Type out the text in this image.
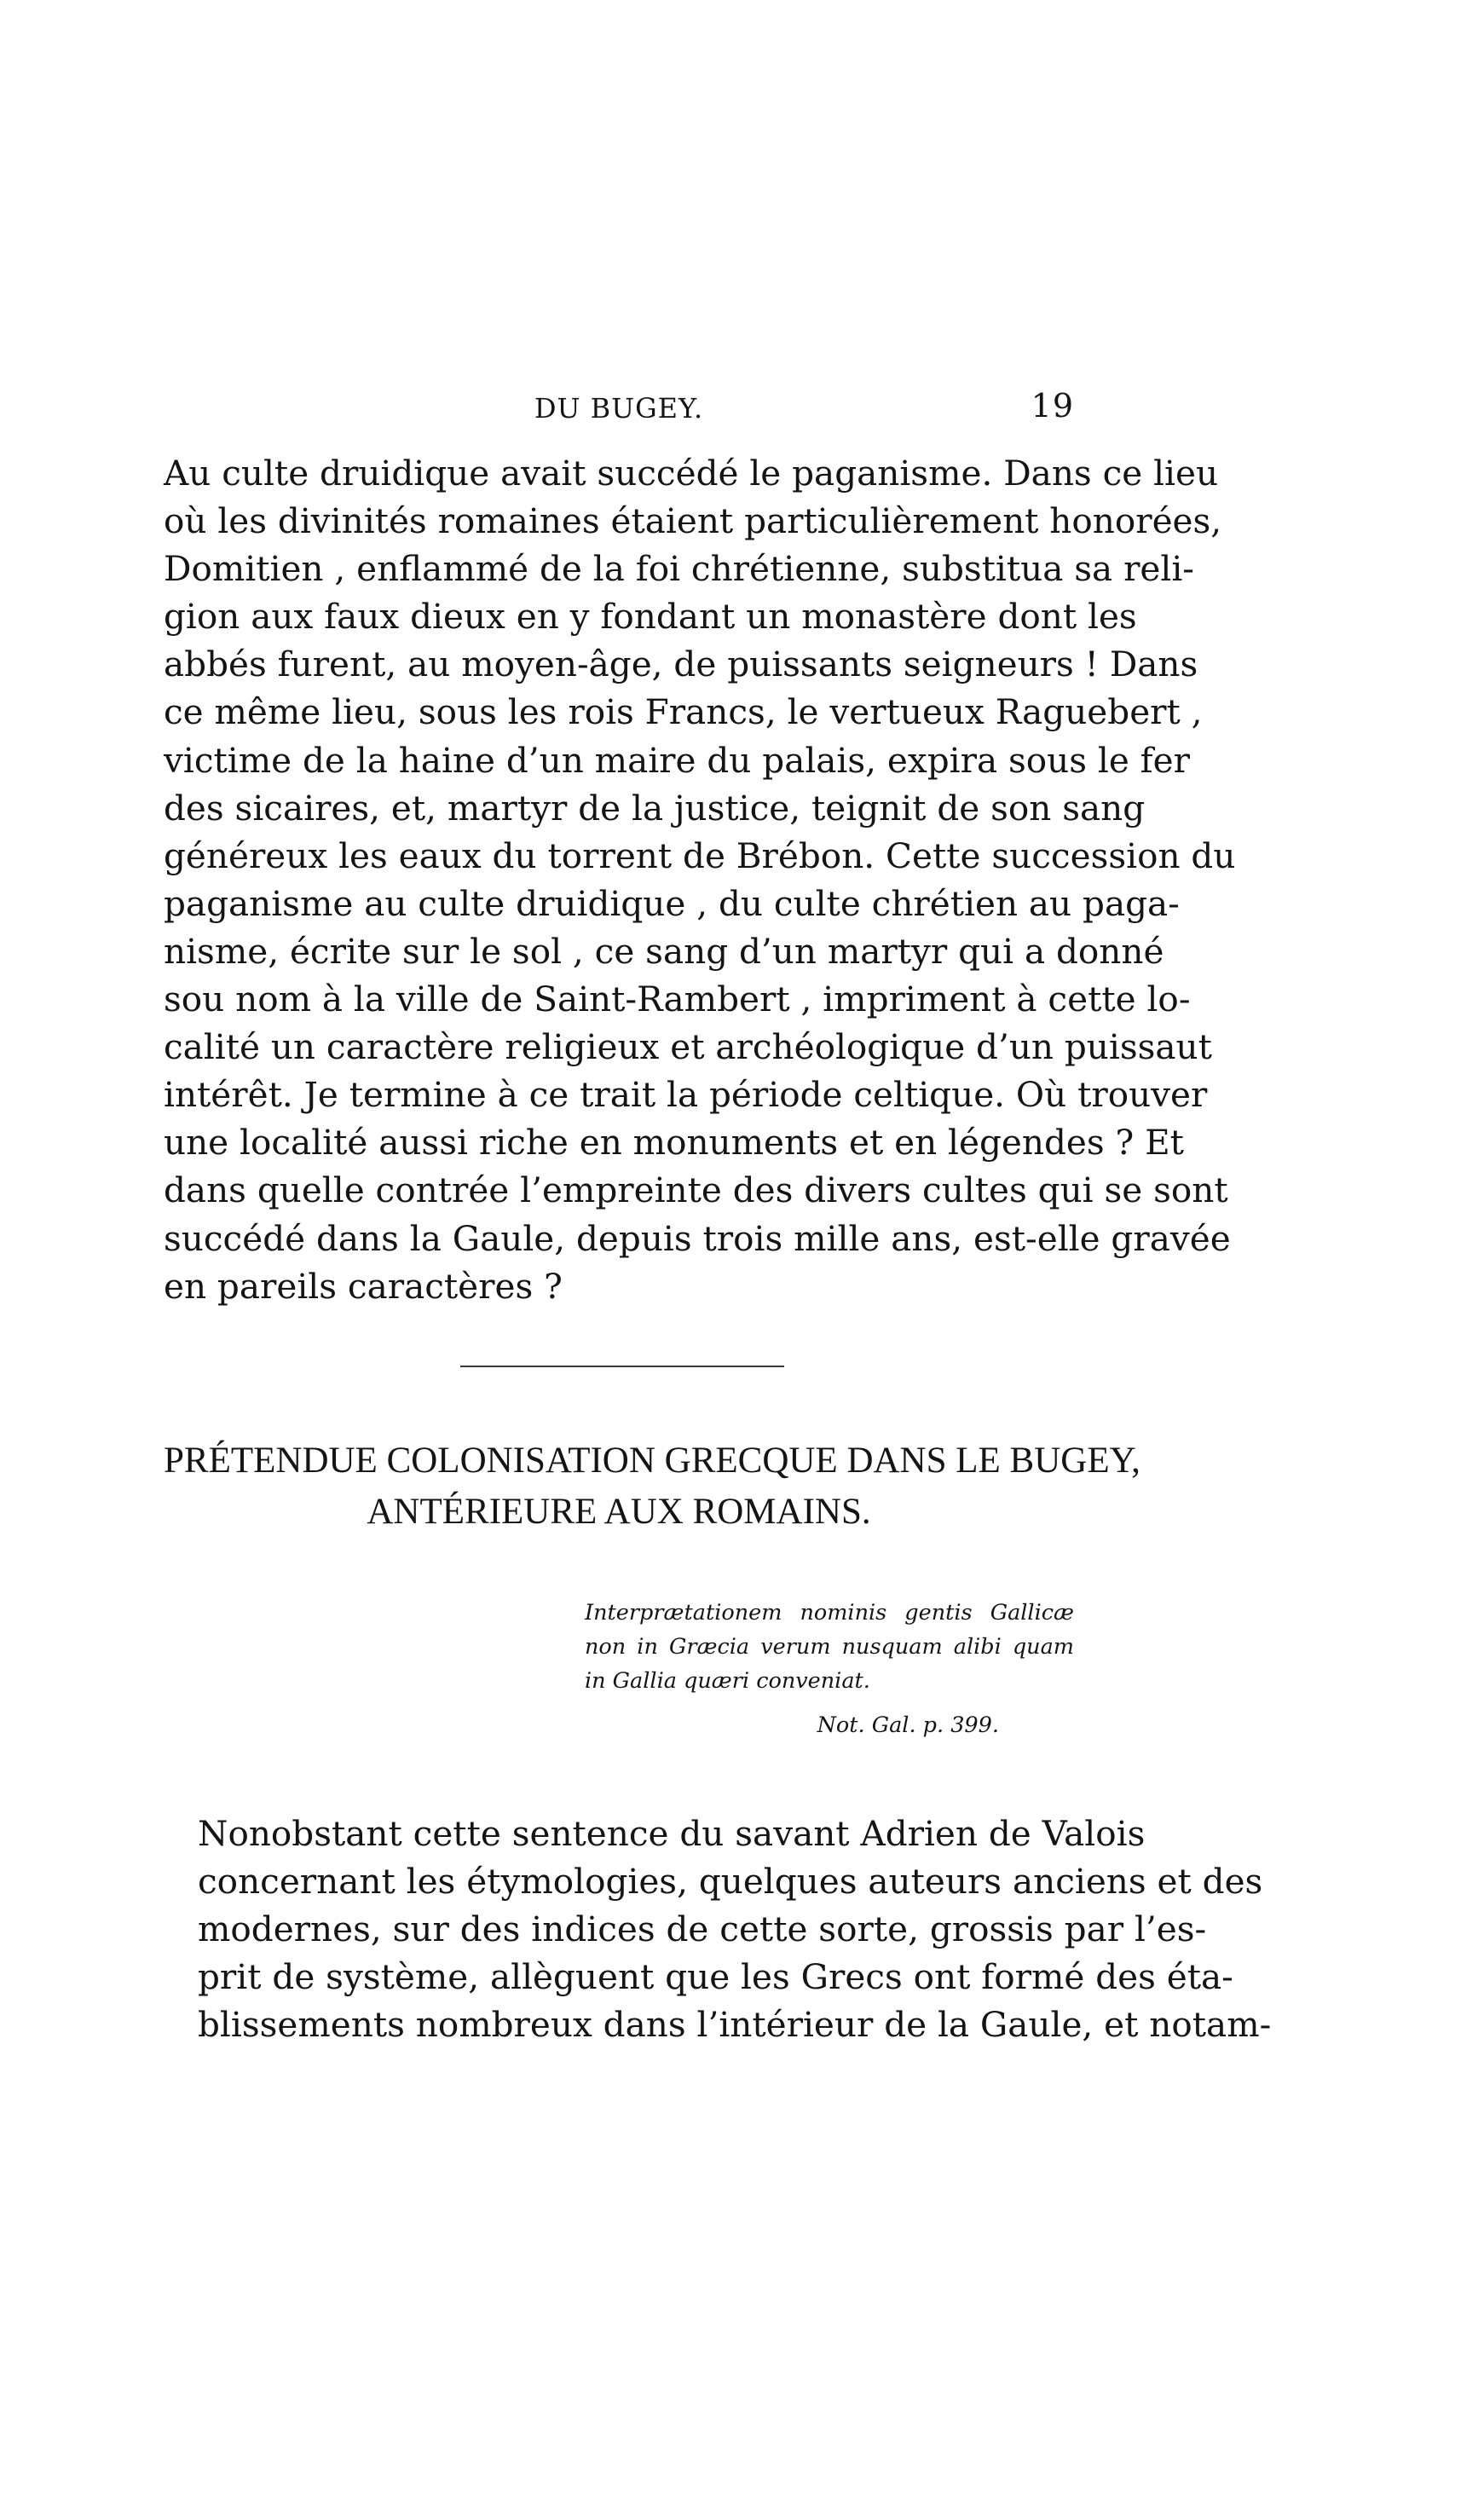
DU BUGEY.	19

Au culte druidique avait succédé le paganisme. Dans ce lieu
où les divinités romaines étaient particulièrement honorées,
Domitien , enflammé de la foi chrétienne, substitua sa reli-
gion aux faux dieux en y fondant un monastère dont les
abbés furent, au moyen-âge, de puissants seigneurs ! Dans
ce même lieu, sous les rois Francs, le vertueux Raguebert ,
victime de la haine d’un maire du palais, expira sous le fer
des sicaires, et, martyr de la justice, teignit de son sang
généreux les eaux du torrent de Brébon. Cette succession du
paganisme au culte druidique , du culte chrétien au paga-
nisme, écrite sur le sol , ce sang d’un martyr qui a donné
sou nom à la ville de Saint-Rambert , impriment à cette lo-
calité un caractère religieux et archéologique d’un puissaut
intérêt. Je termine à ce trait la période celtique. Où trouver
une localité aussi riche en monuments et en légendes ? Et
dans quelle contrée l’empreinte des divers cultes qui se sont
succédé dans la Gaule, depuis trois mille ans, est-elle gravée
en pareils caractères ?

PRÉTENDUE COLONISATION GRECQUE DANS LE BUGEY,
ANTÉRIEURE AUX ROMAINS.
Interprætationem nominis gentis Gallicæ
non in Græcia verum nusquam alibi quam
in Gallia quæri conveniat.
Not. Gal. p. 399.

Nonobstant cette sentence du savant Adrien de Valois
concernant les étymologies, quelques auteurs anciens et des
modernes, sur des indices de cette sorte, grossis par l’es-
prit de système, allèguent que les Grecs ont formé des éta-
blissements nombreux dans l’intérieur de la Gaule, et notam-
